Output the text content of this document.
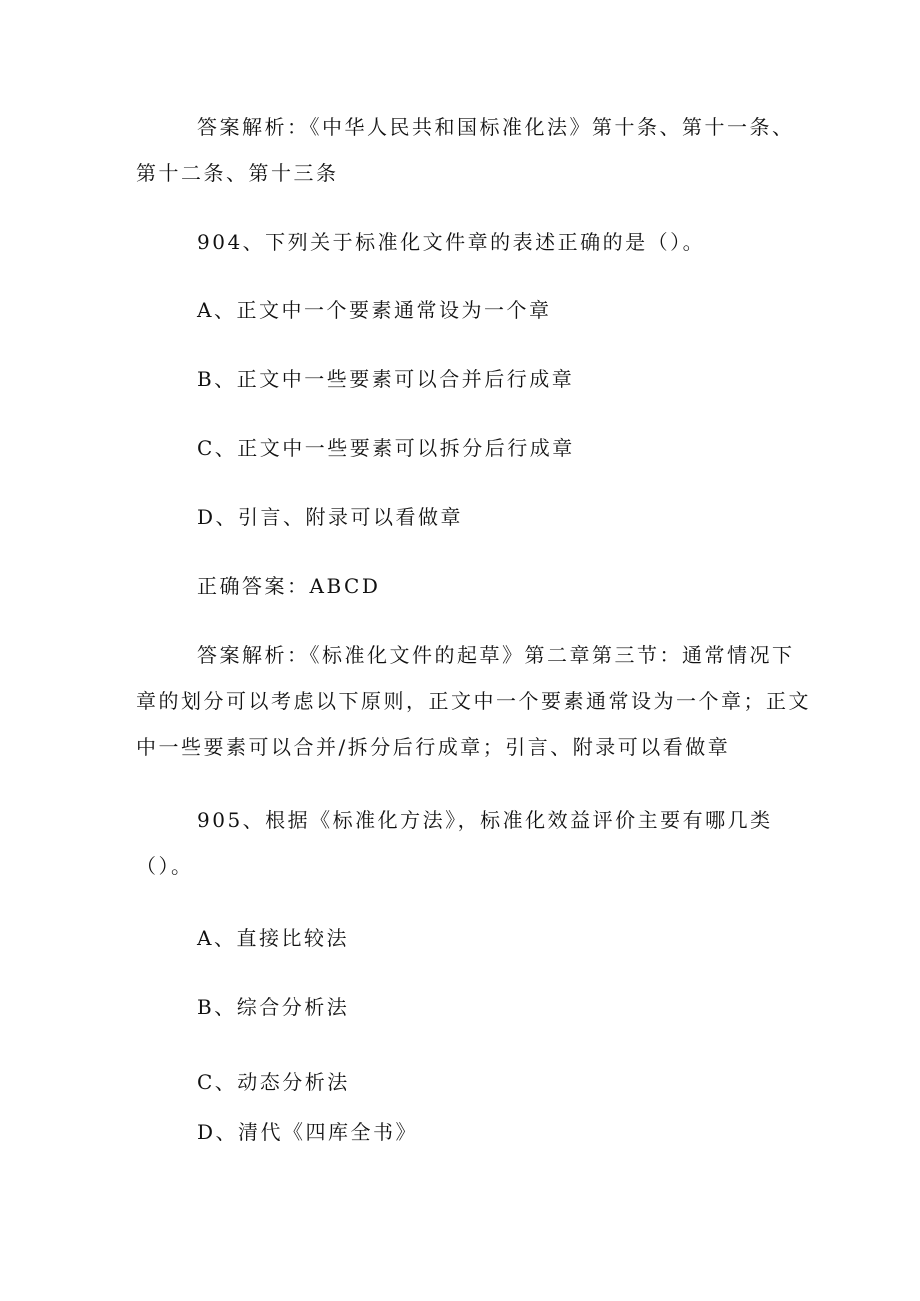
答案解析：《中华人民共和国标准化法》第十条、第十一条、
第十二条、第十三条
904、下列关于标准化文件章的表述正确的是（）。
A、正文中一个要素通常设为一个章
B、正文中一些要素可以合并后行成章
C、正文中一些要素可以拆分后行成章
D、引言、附录可以看做章
正确答案：ABCD
答案解析：《标准化文件的起草》第二章第三节：通常情况下
章的划分可以考虑以下原则，正文中一个要素通常设为一个章；正文
中一些要素可以合并/拆分后行成章；引言、附录可以看做章
905、根据《标准化方法》，标准化效益评价主要有哪几类
（）。
A、直接比较法
B、综合分析法
C、动态分析法
D、清代《四库全书》
